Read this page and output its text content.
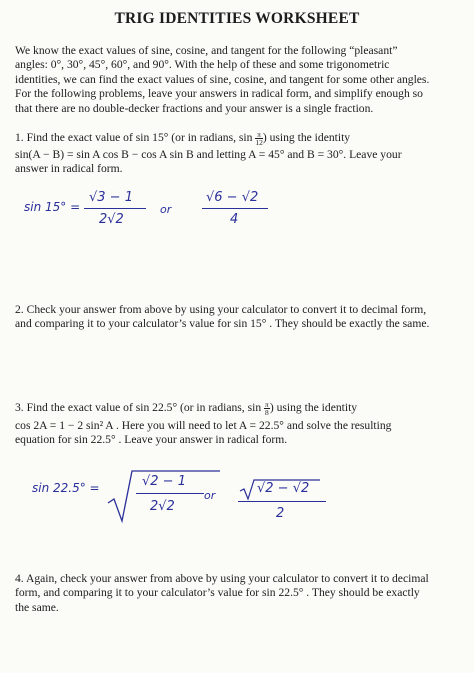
TRIG IDENTITIES WORKSHEET
We know the exact values of sine, cosine, and tangent for the following “pleasant”
angles: 0°, 30°, 45°, 60°, and 90°. With the help of these and some trigonometric
identities, we can find the exact values of sine, cosine, and tangent for some other angles.
For the following problems, leave your answers in radical form, and simplify enough so
that there are no double-decker fractions and your answer is a single fraction.
1. Find the exact value of sin 15° (or in radians, $\sin \frac{\pi}{12}$ ) using the identity
sin(A − B) = sin A cos B − cos A sin B and letting A = 45° and B = 30°. Leave your
answer in radical form.
sin 15° =
√3 − 1
2√2
or
√6 − √2
4
2. Check your answer from above by using your calculator to convert it to decimal form,
and comparing it to your calculator’s value for sin 15° . They should be exactly the same.
3. Find the exact value of sin 22.5° (or in radians, $\sin \frac{\pi}{8}$ ) using the identity
cos 2A = 1 − 2 sin² A . Here you will need to let A = 22.5° and solve the resulting
equation for sin 22.5° . Leave your answer in radical form.
sin 22.5° =	√2 − 1
2√2
or	√2 − √2
2
4. Again, check your answer from above by using your calculator to convert it to decimal
form, and comparing it to your calculator’s value for sin 22.5° . They should be exactly
the same.
